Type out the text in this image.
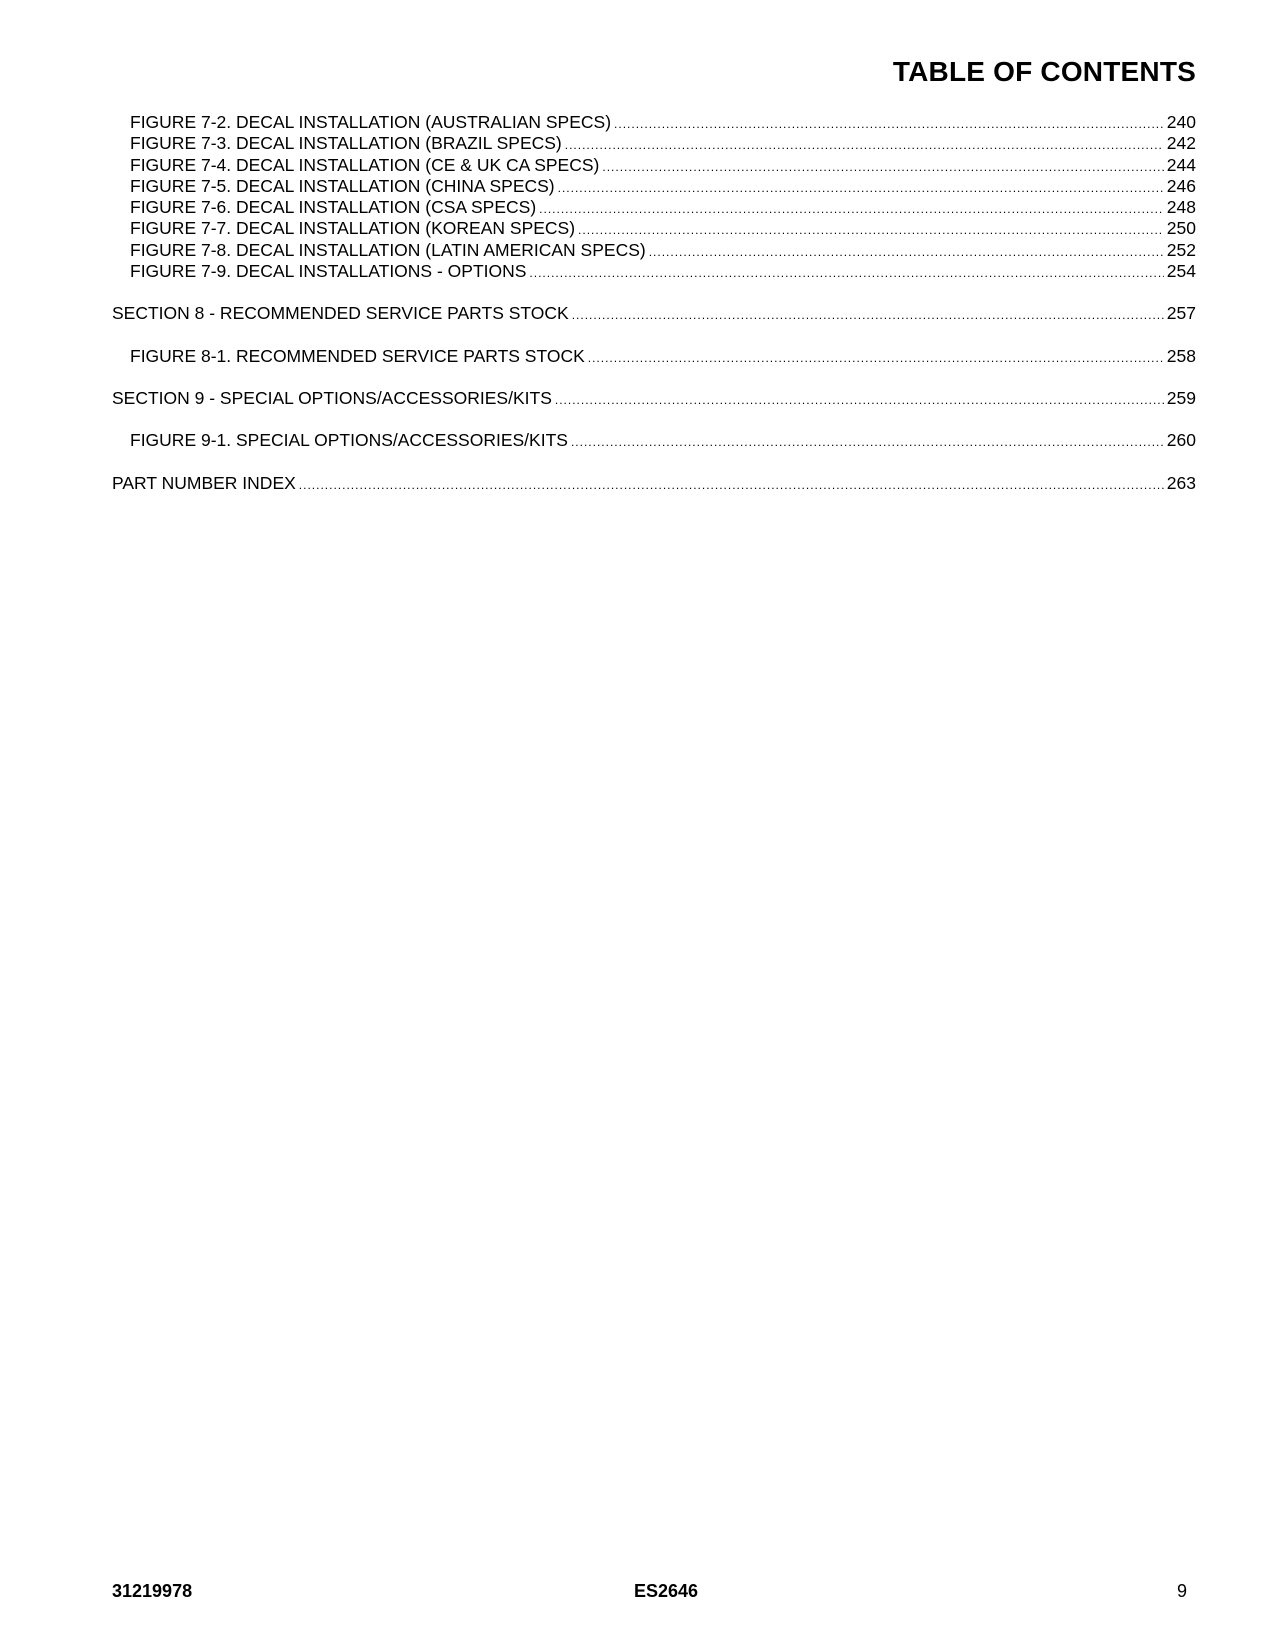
TABLE OF CONTENTS
FIGURE 7-2. DECAL INSTALLATION (AUSTRALIAN SPECS) .....	240
FIGURE 7-3. DECAL INSTALLATION (BRAZIL SPECS) .....	242
FIGURE 7-4. DECAL INSTALLATION (CE & UK CA SPECS) .....	244
FIGURE 7-5. DECAL INSTALLATION (CHINA SPECS) .....	246
FIGURE 7-6. DECAL INSTALLATION (CSA SPECS) .....	248
FIGURE 7-7. DECAL INSTALLATION (KOREAN SPECS) .....	250
FIGURE 7-8. DECAL INSTALLATION (LATIN AMERICAN SPECS) .....	252
FIGURE 7-9. DECAL INSTALLATIONS - OPTIONS .....	254
SECTION 8 - RECOMMENDED SERVICE PARTS STOCK .....	257
FIGURE 8-1. RECOMMENDED SERVICE PARTS STOCK .....	258
SECTION 9 - SPECIAL OPTIONS/ACCESSORIES/KITS .....	259
FIGURE 9-1. SPECIAL OPTIONS/ACCESSORIES/KITS .....	260
PART NUMBER INDEX .....	263
31219978	ES2646	9
